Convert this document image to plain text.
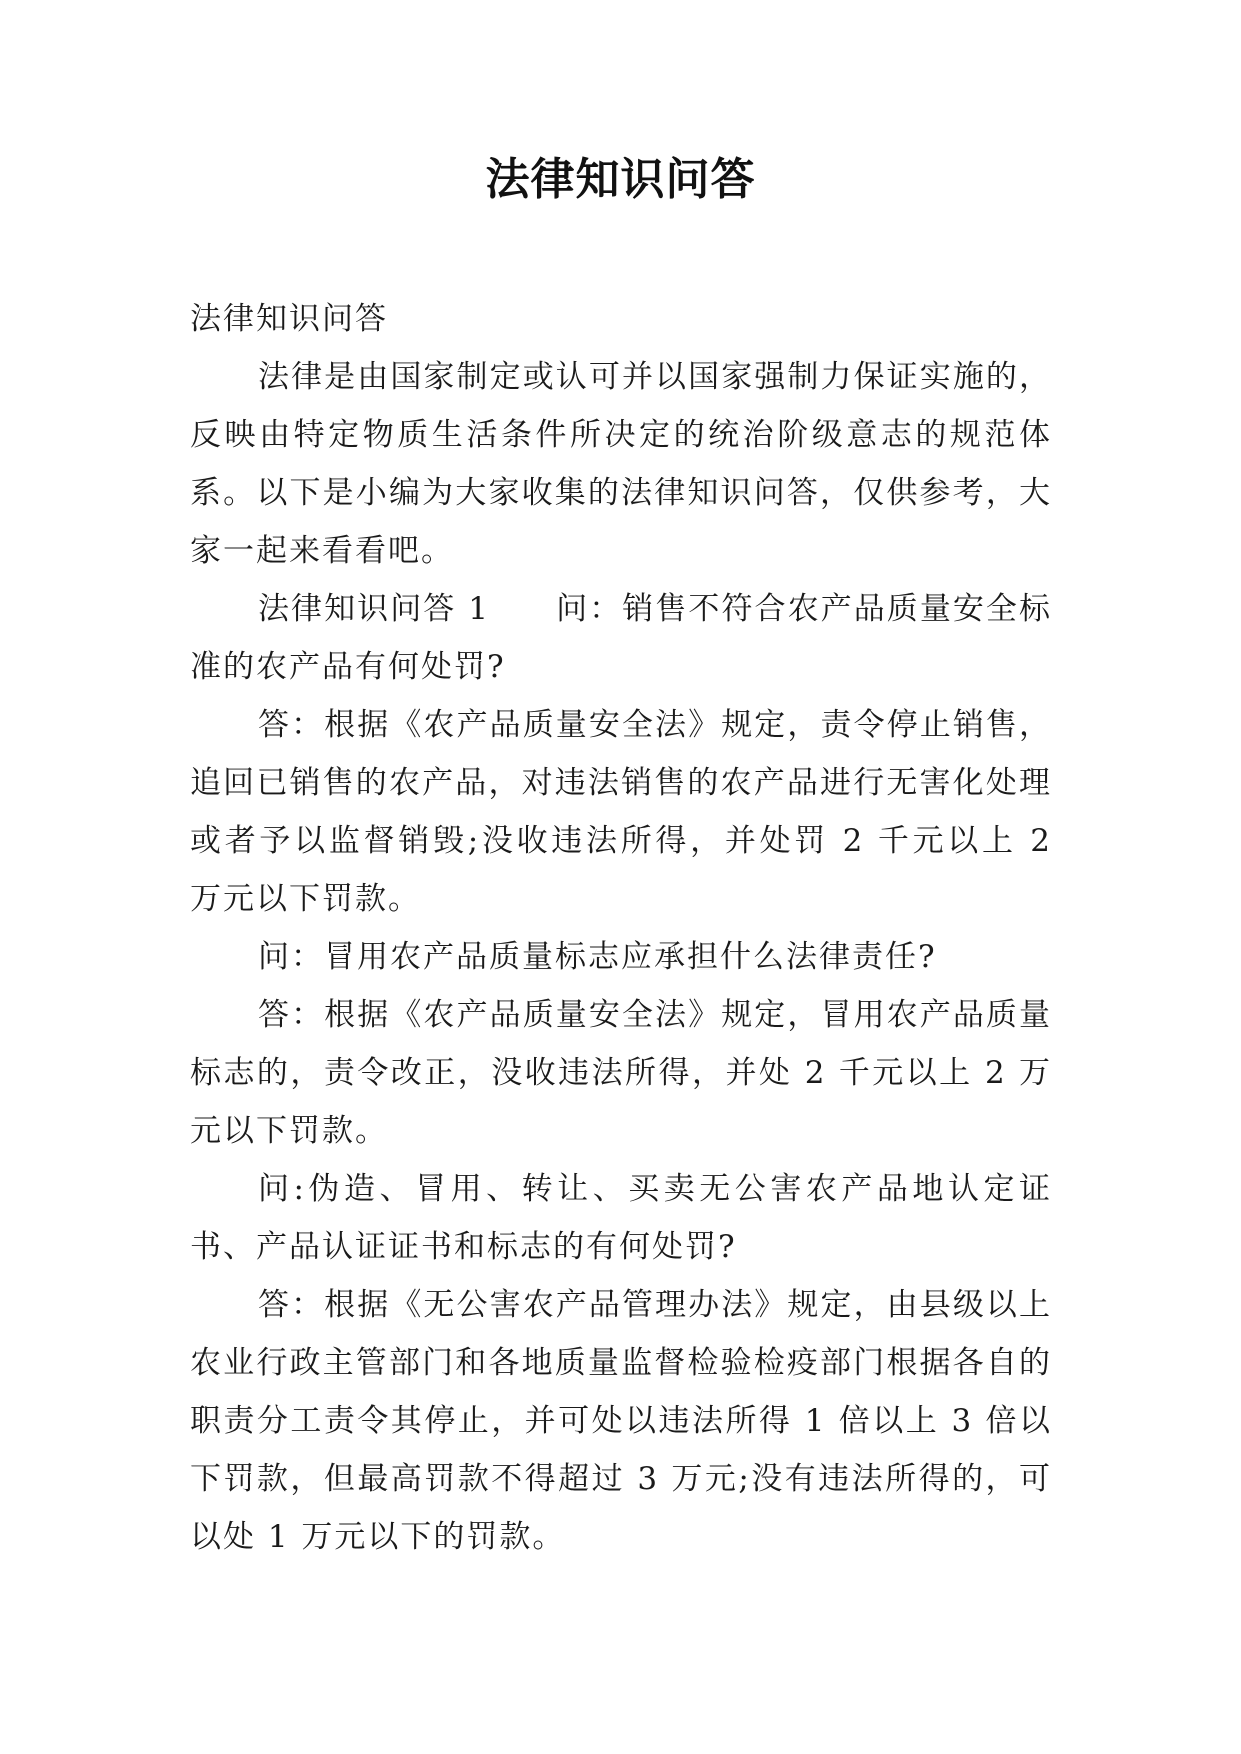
法律知识问答

法律知识问答

法律是由国家制定或认可并以国家强制力保证实施的，反映由特定物质生活条件所决定的统治阶级意志的规范体系。以下是小编为大家收集的法律知识问答，仅供参考，大家一起来看看吧。

法律知识问答 1　　问：销售不符合农产品质量安全标准的农产品有何处罚?

答：根据《农产品质量安全法》规定，责令停止销售，追回已销售的农产品，对违法销售的农产品进行无害化处理或者予以监督销毁;没收违法所得，并处罚 2 千元以上 2 万元以下罚款。

问：冒用农产品质量标志应承担什么法律责任?

答：根据《农产品质量安全法》规定，冒用农产品质量标志的，责令改正，没收违法所得，并处 2 千元以上 2 万元以下罚款。

问:伪造、冒用、转让、买卖无公害农产品地认定证书、产品认证证书和标志的有何处罚?

答：根据《无公害农产品管理办法》规定，由县级以上农业行政主管部门和各地质量监督检验检疫部门根据各自的职责分工责令其停止，并可处以违法所得 1 倍以上 3 倍以下罚款，但最高罚款不得超过 3 万元;没有违法所得的，可以处 1 万元以下的罚款。
